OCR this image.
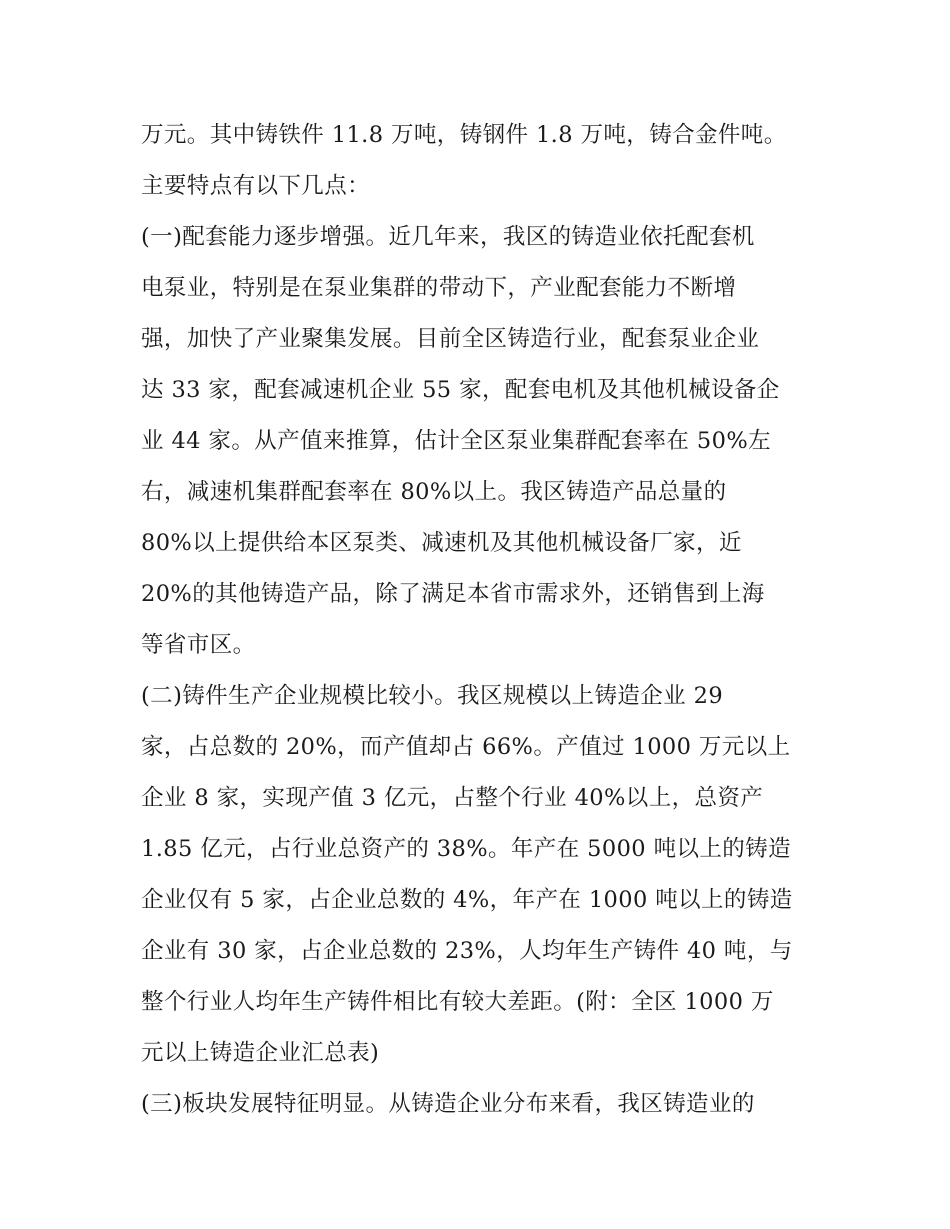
万元。其中铸铁件 11.8 万吨，铸钢件 1.8 万吨，铸合金件吨。
主要特点有以下几点：
(一)配套能力逐步增强。近几年来，我区的铸造业依托配套机
电泵业，特别是在泵业集群的带动下，产业配套能力不断增
强，加快了产业聚集发展。目前全区铸造行业，配套泵业企业
达 33 家，配套减速机企业 55 家，配套电机及其他机械设备企
业 44 家。从产值来推算，估计全区泵业集群配套率在 50%左
右，减速机集群配套率在 80%以上。我区铸造产品总量的
80%以上提供给本区泵类、减速机及其他机械设备厂家，近
20%的其他铸造产品，除了满足本省市需求外，还销售到上海
等省市区。
(二)铸件生产企业规模比较小。我区规模以上铸造企业 29
家，占总数的 20%，而产值却占 66%。产值过 1000 万元以上
企业 8 家，实现产值 3 亿元，占整个行业 40%以上，总资产
1.85 亿元，占行业总资产的 38%。年产在 5000 吨以上的铸造
企业仅有 5 家，占企业总数的 4%，年产在 1000 吨以上的铸造
企业有 30 家，占企业总数的 23%，人均年生产铸件 40 吨，与
整个行业人均年生产铸件相比有较大差距。(附：全区 1000 万
元以上铸造企业汇总表)
(三)板块发展特征明显。从铸造企业分布来看，我区铸造业的
